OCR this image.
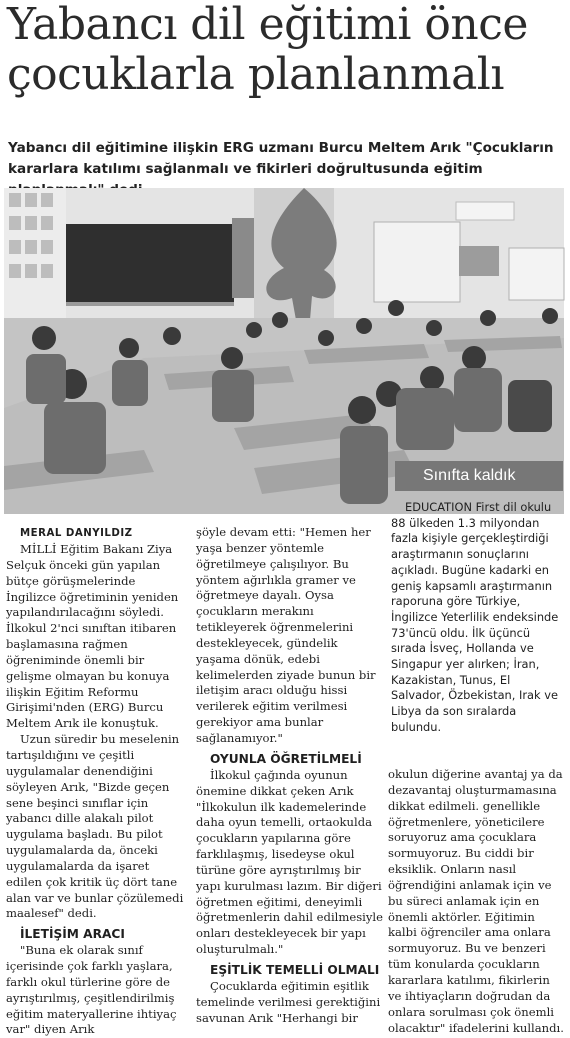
Yabancı dil eğitimi önce
çocuklarla planlanmalı

Yabancı dil eğitimine ilişkin ERG uzmanı Burcu Meltem Arık "Çocukların kararlara katılımı sağlanmalı ve fikirleri doğrultusunda eğitim

Sınıfta kaldık

MERAL DANYILDIZ

MİLLİ Eğitim Bakanı Ziya Selçuk önceki gün yapılan bütçe görüşmelerinde İngilizce öğretiminin yeniden yapılandırılacağını söyledi. İlkokul 2'nci sınıftan itibaren başlamasına rağmen öğreniminde önemli bir gelişme olmayan bu konuya ilişkin Eğitim Reformu Girişimi'nden (ERG) Burcu Meltem Arık ile konuştuk.

Uzun süredir bu meselenin tartışıldığını ve çeşitli uygulamalar denendiğini söyleyen Arık, "Bizde geçen sene beşinci sınıflar için yabancı dille alakalı pilot uygulama başladı. Bu pilot uygulamalarda da, önceki uygulamalarda da işaret edilen çok kritik üç dört tane alan var ve bunlar çözülemedi maalesef" dedi.

İLETİŞİM ARACI

"Buna ek olarak sınıf içerisinde çok farklı yaşlara, farklı okul türlerine göre de ayrıştırılmış, çeşitlendirilmiş eğitim materyallerine ihtiyaç var" diyen Arık

şöyle devam etti: "Hemen her yaşa benzer yöntemle öğretilmeye çalışılıyor. Bu yöntem ağırlıkla gramer ve öğretmeye dayalı. Oysa çocukların merakını tetikleyerek öğrenmelerini destekleyecek, gündelik yaşama dönük, edebi kelimelerden ziyade bunun bir iletişim aracı olduğu hissi verilerek eğitim verilmesi gerekiyor ama bunlar sağlanamıyor."

OYUNLA ÖĞRETİLMELİ

İlkokul çağında oyunun önemine dikkat çeken Arık "İlkokulun ilk kademelerinde daha oyun temelli, ortaokulda çocukların yapılarına göre farklılaşmış, lisedeyse okul türüne göre ayrıştırılmış bir yapı kurulması lazım. Bir diğeri öğretmen eğitimi, deneyimli öğretmenlerin dahil edilmesiyle onları destekleyecek bir yapı oluşturulmalı."

EŞİTLİK TEMELLİ OLMALI

Çocuklarda eğitimin eşitlik temelinde verilmesi gerektiğini savunan Arık "Herhangi bir

EDUCATION First dil okulu 88 ülkeden 1.3 milyondan fazla kişiyle gerçekleştirdiği araştırmanın sonuçlarını açıkladı. Bugüne kadarki en geniş kapsamlı araştırmanın raporuna göre Türkiye, İngilizce Yeterlilik endeksinde 73'üncü oldu. İlk üçüncü sırada İsveç, Hollanda ve Singapur yer alırken; İran, Kazakistan, Tunus, El Salvador, Özbekistan, Irak ve Libya da son sıralarda bulundu.

okulun diğerine avantaj ya da dezavantaj oluşturmamasına dikkat edilmeli. genellikle öğretmenlere, yöneticilere soruyoruz ama çocuklara sormuyoruz. Bu ciddi bir eksiklik. Onların nasıl öğrendiğini anlamak için ve bu süreci anlamak için en önemli aktörler. Eğitimin kalbi öğrenciler ama onlara sormuyoruz. Bu ve benzeri tüm konularda çocukların kararlara katılımı, fikirlerin ve ihtiyaçların doğrudan da onlara sorulması çok önemli olacaktır" ifadelerini kullandı.
